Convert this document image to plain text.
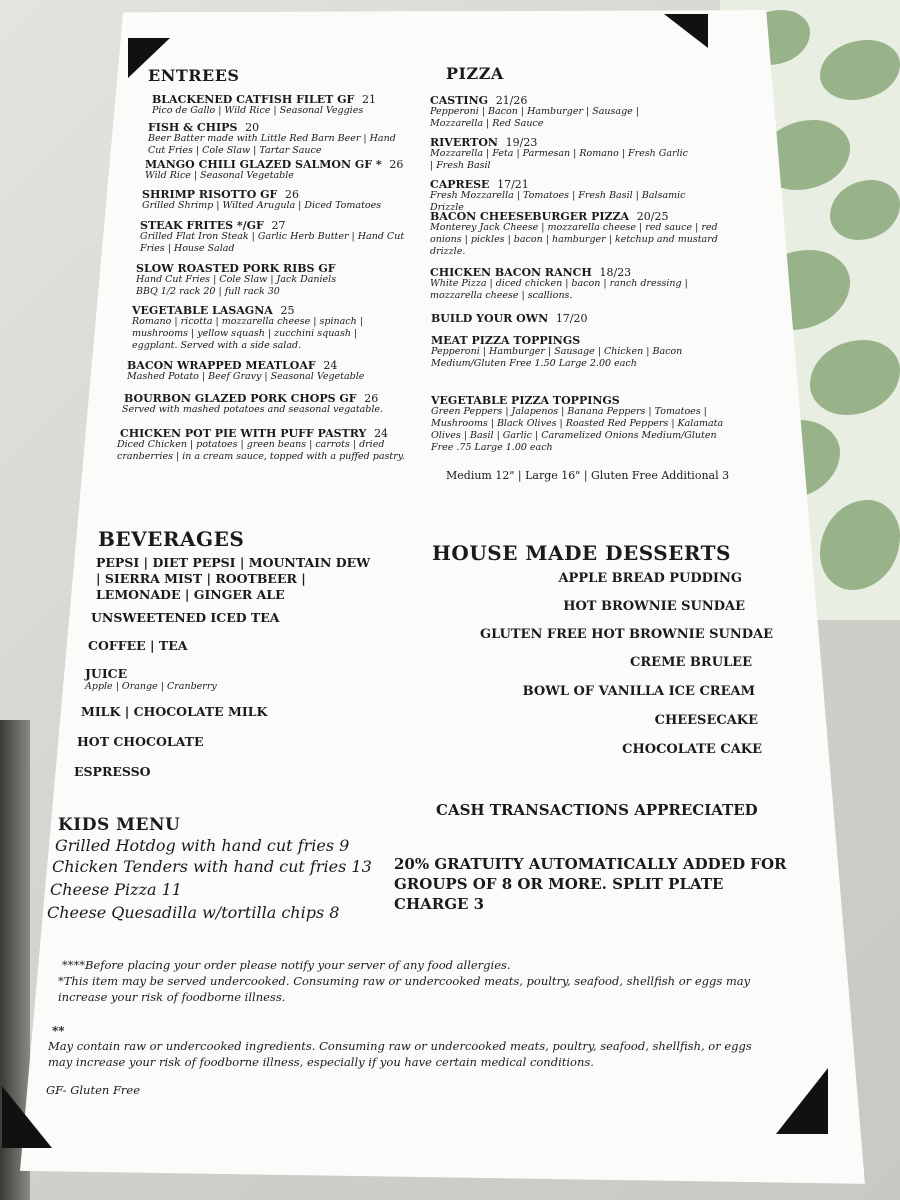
ENTREES
BLACKENED CATFISH FILET GF 21
Pico de Gallo | Wild Rice | Seasonal Veggies
FISH & CHIPS 20
Beer Batter made with Little Red Barn Beer | Hand Cut Fries | Cole Slaw | Tartar Sauce
MANGO CHILI GLAZED SALMON GF * 26
Wild Rice | Seasonal Vegetable
SHRIMP RISOTTO GF 26
Grilled Shrimp | Wilted Arugula | Diced Tomatoes
STEAK FRITES */GF 27
Grilled Flat Iron Steak | Garlic Herb Butter | Hand Cut Fries | House Salad
SLOW ROASTED PORK RIBS GF
Hand Cut Fries | Cole Slaw | Jack Daniels BBQ 1/2 rack 20 | full rack 30
VEGETABLE LASAGNA 25
Romano | ricotta | mozzarella cheese | spinach | mushrooms | yellow squash | zucchini squash | eggplant. Served with a side salad.
BACON WRAPPED MEATLOAF 24
Mashed Potato | Beef Gravy | Seasonal Vegetable
BOURBON GLAZED PORK CHOPS GF 26
Served with mashed potatoes and seasonal vegatable.
CHICKEN POT PIE WITH PUFF PASTRY 24
Diced Chicken | potatoes | green beans | carrots | dried cranberries | in a cream sauce, topped with a puffed pastry.
PIZZA
CASTING 21/26
Pepperoni | Bacon | Hamburger | Sausage | Mozzarella | Red Sauce
RIVERTON 19/23
Mozzarella | Feta | Parmesan | Romano | Fresh Garlic | Fresh Basil
CAPRESE 17/21
Fresh Mozzarella | Tomatoes | Fresh Basil | Balsamic Drizzle
BACON CHEESEBURGER PIZZA 20/25
Monterey Jack Cheese | mozzarella cheese | red sauce | red onions | pickles | bacon | hamburger | ketchup and mustard drizzle.
CHICKEN BACON RANCH 18/23
White Pizza | diced chicken | bacon | ranch dressing | mozzarella cheese | scallions.
BUILD YOUR OWN 17/20
MEAT PIZZA TOPPINGS
Pepperoni | Hamburger | Sausage | Chicken | Bacon Medium/Gluten Free 1.50 Large 2.00 each
VEGETABLE PIZZA TOPPINGS
Green Peppers | Jalapenos | Banana Peppers | Tomatoes | Mushrooms | Black Olives | Roasted Red Peppers | Kalamata Olives | Basil | Garlic | Caramelized Onions Medium/Gluten Free .75 Large 1.00 each
Medium 12" | Large 16" | Gluten Free Additional 3
BEVERAGES
PEPSI | DIET PEPSI | MOUNTAIN DEW | SIERRA MIST | ROOTBEER | LEMONADE | GINGER ALE
UNSWEETENED ICED TEA
COFFEE | TEA
JUICE
Apple | Orange | Cranberry
MILK | CHOCOLATE MILK
HOT CHOCOLATE
ESPRESSO
HOUSE MADE DESSERTS
APPLE BREAD PUDDING
HOT BROWNIE SUNDAE
GLUTEN FREE HOT BROWNIE SUNDAE
CREME BRULEE
BOWL OF VANILLA ICE CREAM
CHEESECAKE
CHOCOLATE CAKE
CASH TRANSACTIONS APPRECIATED
20% GRATUITY AUTOMATICALLY ADDED FOR GROUPS OF 8 OR MORE. SPLIT PLATE CHARGE 3
KIDS MENU
Grilled Hotdog with hand cut fries 9
Chicken Tenders with hand cut fries 13
Cheese Pizza 11
Cheese Quesadilla w/tortilla chips 8
****Before placing your order please notify your server of any food allergies.
*This item may be served undercooked. Consuming raw or undercooked meats, poultry, seafood, shellfish or eggs may increase your risk of foodborne illness.
**
May contain raw or undercooked ingredients. Consuming raw or undercooked meats, poultry, seafood, shellfish, or eggs may increase your risk of foodborne illness, especially if you have certain medical conditions.
GF- Gluten Free
